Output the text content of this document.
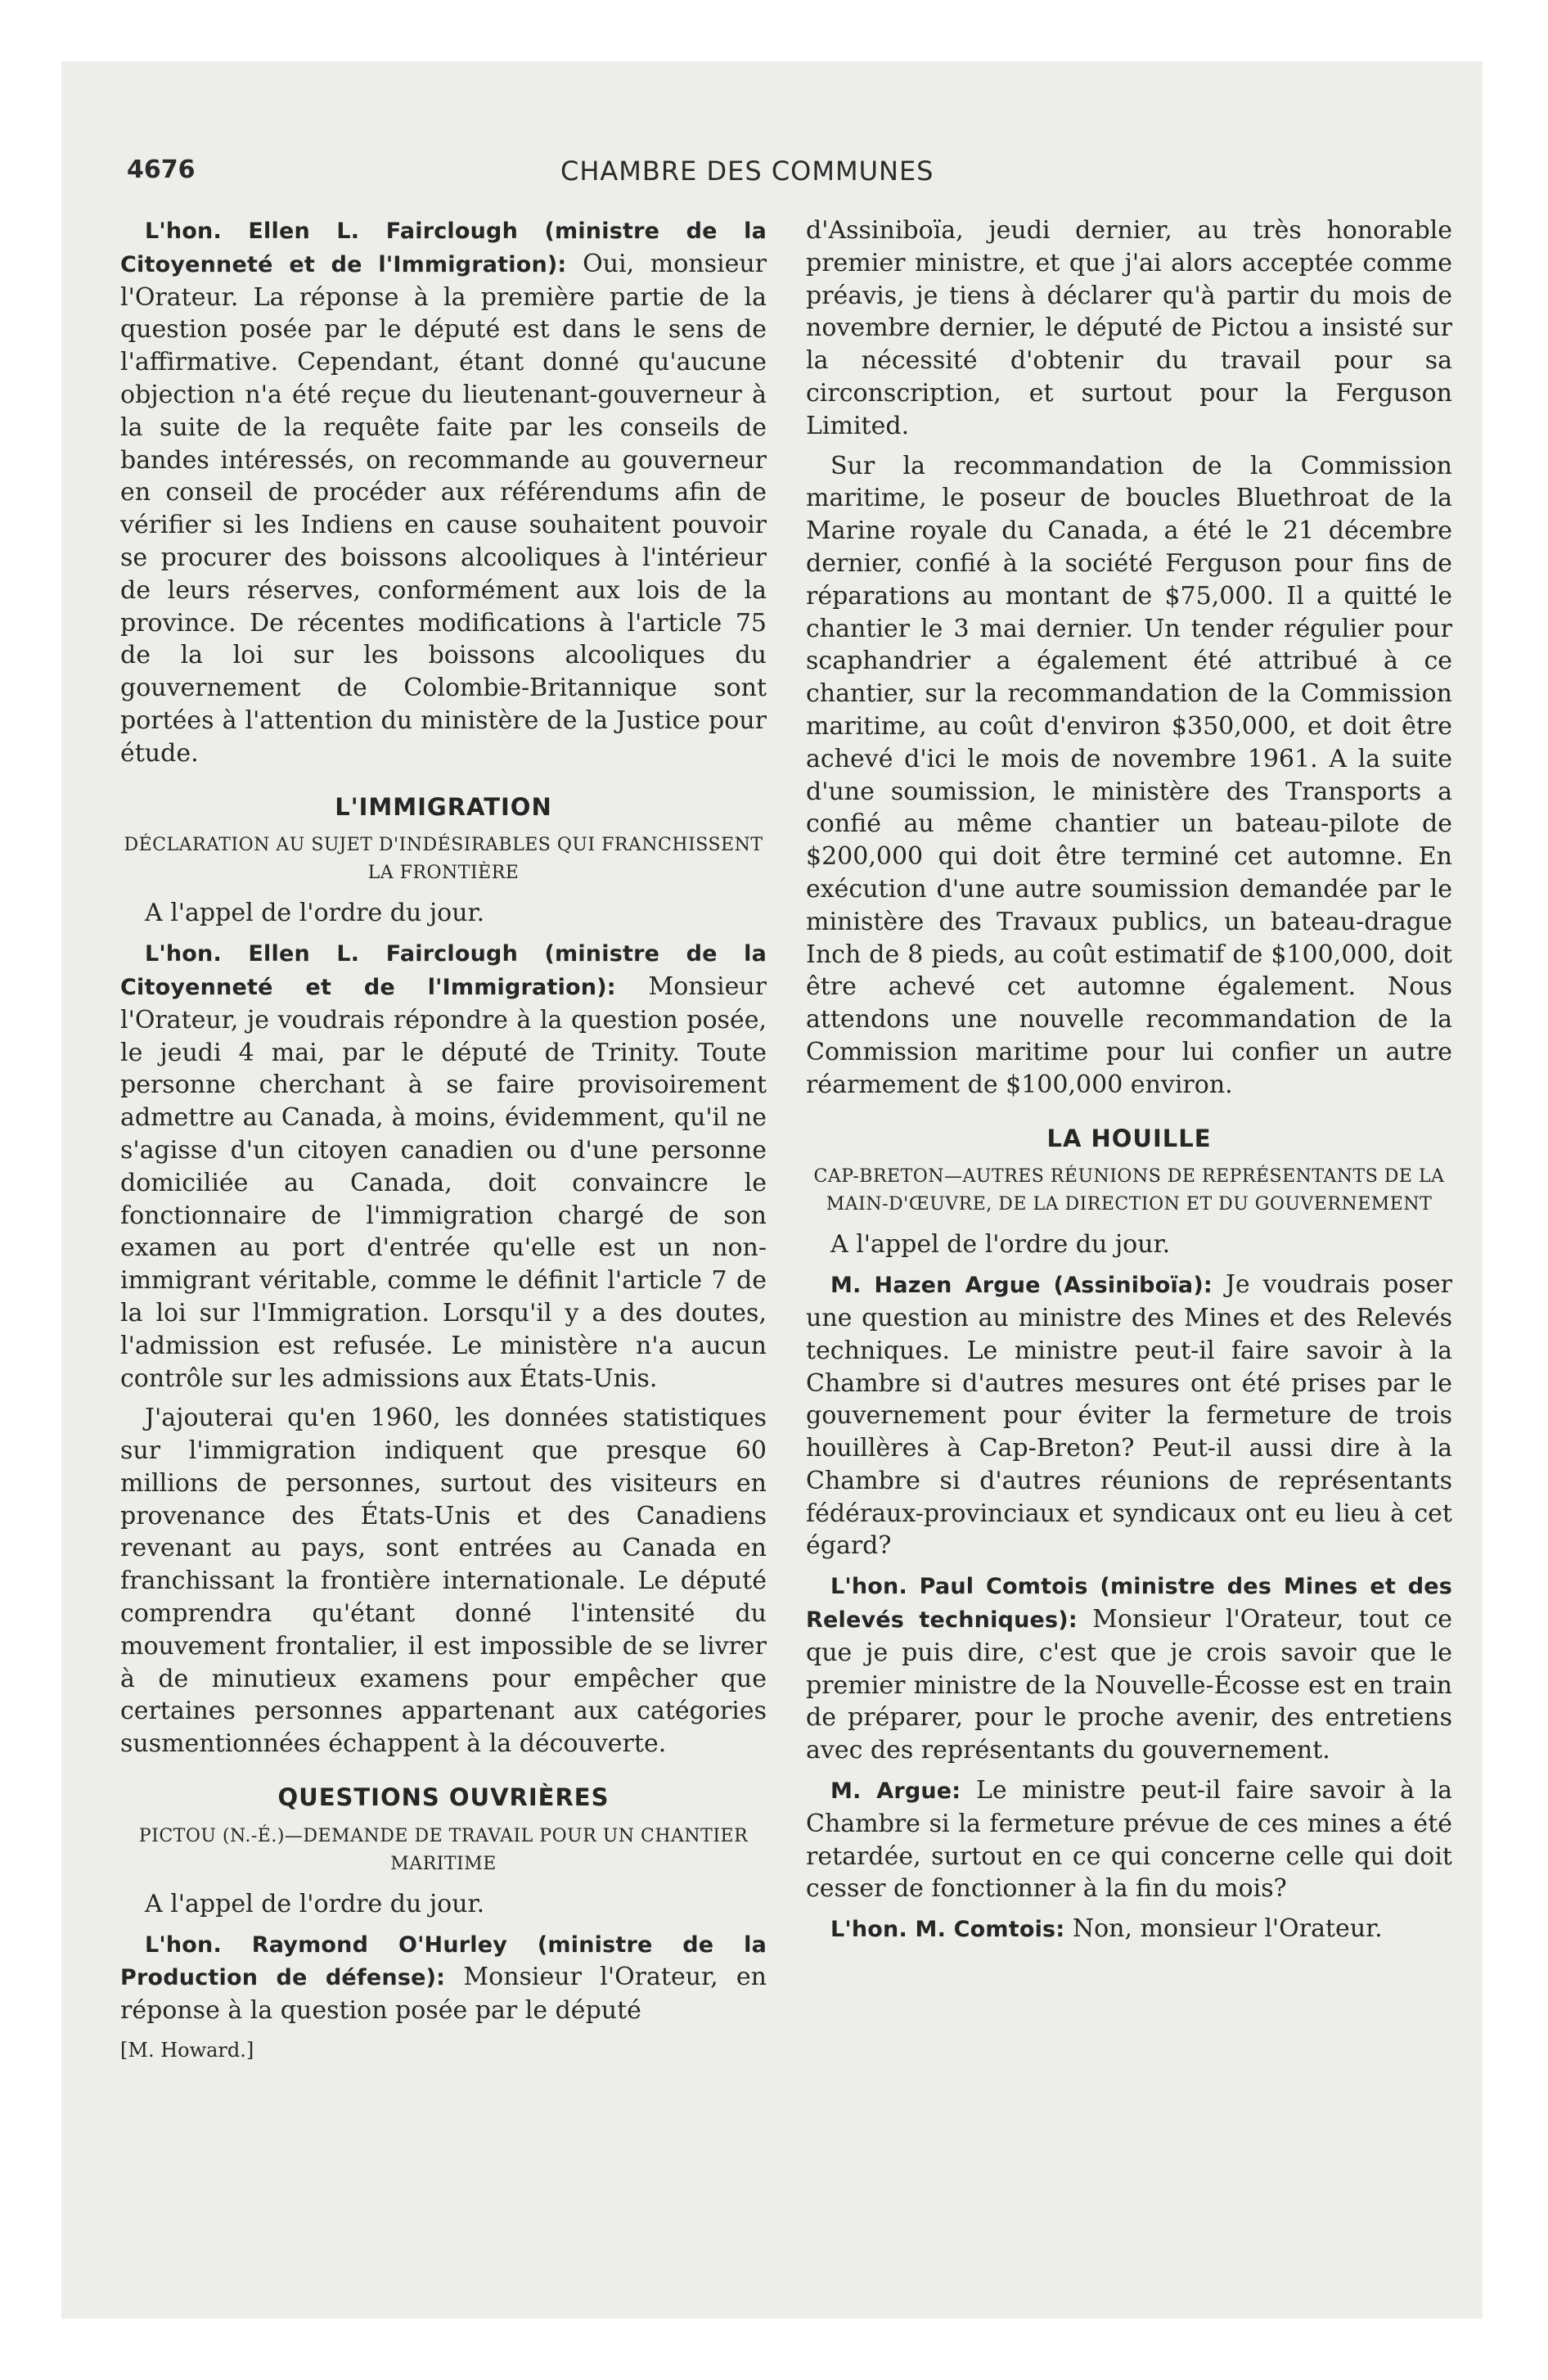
4676	CHAMBRE DES COMMUNES

L'hon. Ellen L. Fairclough (ministre de la Citoyenneté et de l'Immigration): Oui, monsieur l'Orateur. La réponse à la première partie de la question posée par le député est dans le sens de l'affirmative. Cependant, étant donné qu'aucune objection n'a été reçue du lieutenant-gouverneur à la suite de la requête faite par les conseils de bandes intéressés, on recommande au gouverneur en conseil de procéder aux référendums afin de vérifier si les Indiens en cause souhaitent pouvoir se procurer des boissons alcooliques à l'intérieur de leurs réserves, conformément aux lois de la province. De récentes modifications à l'article 75 de la loi sur les boissons alcooliques du gouvernement de Colombie-Britannique sont portées à l'attention du ministère de la Justice pour étude.

L'IMMIGRATION
DÉCLARATION AU SUJET D'INDÉSIRABLES QUI FRANCHISSENT LA FRONTIÈRE

A l'appel de l'ordre du jour.

L'hon. Ellen L. Fairclough (ministre de la Citoyenneté et de l'Immigration): Monsieur l'Orateur, je voudrais répondre à la question posée, le jeudi 4 mai, par le député de Trinity. Toute personne cherchant à se faire provisoirement admettre au Canada, à moins, évidemment, qu'il ne s'agisse d'un citoyen canadien ou d'une personne domiciliée au Canada, doit convaincre le fonctionnaire de l'immigration chargé de son examen au port d'entrée qu'elle est un non-immigrant véritable, comme le définit l'article 7 de la loi sur l'Immigration. Lorsqu'il y a des doutes, l'admission est refusée. Le ministère n'a aucun contrôle sur les admissions aux États-Unis.

J'ajouterai qu'en 1960, les données statistiques sur l'immigration indiquent que presque 60 millions de personnes, surtout des visiteurs en provenance des États-Unis et des Canadiens revenant au pays, sont entrées au Canada en franchissant la frontière internationale. Le député comprendra qu'étant donné l'intensité du mouvement frontalier, il est impossible de se livrer à de minutieux examens pour empêcher que certaines personnes appartenant aux catégories susmentionnées échappent à la découverte.

QUESTIONS OUVRIÈRES
PICTOU (N.-É.)—DEMANDE DE TRAVAIL POUR UN CHANTIER MARITIME

A l'appel de l'ordre du jour.

L'hon. Raymond O'Hurley (ministre de la Production de défense): Monsieur l'Orateur, en réponse à la question posée par le député

[M. Howard.]

d'Assiniboïa, jeudi dernier, au très honorable premier ministre, et que j'ai alors acceptée comme préavis, je tiens à déclarer qu'à partir du mois de novembre dernier, le député de Pictou a insisté sur la nécessité d'obtenir du travail pour sa circonscription, et surtout pour la Ferguson Limited.

Sur la recommandation de la Commission maritime, le poseur de boucles Bluethroat de la Marine royale du Canada, a été le 21 décembre dernier, confié à la société Ferguson pour fins de réparations au montant de $75,000. Il a quitté le chantier le 3 mai dernier. Un tender régulier pour scaphandrier a également été attribué à ce chantier, sur la recommandation de la Commission maritime, au coût d'environ $350,000, et doit être achevé d'ici le mois de novembre 1961. A la suite d'une soumission, le ministère des Transports a confié au même chantier un bateau-pilote de $200,000 qui doit être terminé cet automne. En exécution d'une autre soumission demandée par le ministère des Travaux publics, un bateau-drague Inch de 8 pieds, au coût estimatif de $100,000, doit être achevé cet automne également. Nous attendons une nouvelle recommandation de la Commission maritime pour lui confier un autre réarmement de $100,000 environ.

LA HOUILLE
CAP-BRETON—AUTRES RÉUNIONS DE REPRÉSENTANTS DE LA MAIN-D'ŒUVRE, DE LA DIRECTION ET DU GOUVERNEMENT

A l'appel de l'ordre du jour.

M. Hazen Argue (Assiniboïa): Je voudrais poser une question au ministre des Mines et des Relevés techniques. Le ministre peut-il faire savoir à la Chambre si d'autres mesures ont été prises par le gouvernement pour éviter la fermeture de trois houillères à Cap-Breton? Peut-il aussi dire à la Chambre si d'autres réunions de représentants fédéraux-provinciaux et syndicaux ont eu lieu à cet égard?

L'hon. Paul Comtois (ministre des Mines et des Relevés techniques): Monsieur l'Orateur, tout ce que je puis dire, c'est que je crois savoir que le premier ministre de la Nouvelle-Écosse est en train de préparer, pour le proche avenir, des entretiens avec des représentants du gouvernement.

M. Argue: Le ministre peut-il faire savoir à la Chambre si la fermeture prévue de ces mines a été retardée, surtout en ce qui concerne celle qui doit cesser de fonctionner à la fin du mois?

L'hon. M. Comtois: Non, monsieur l'Orateur.
